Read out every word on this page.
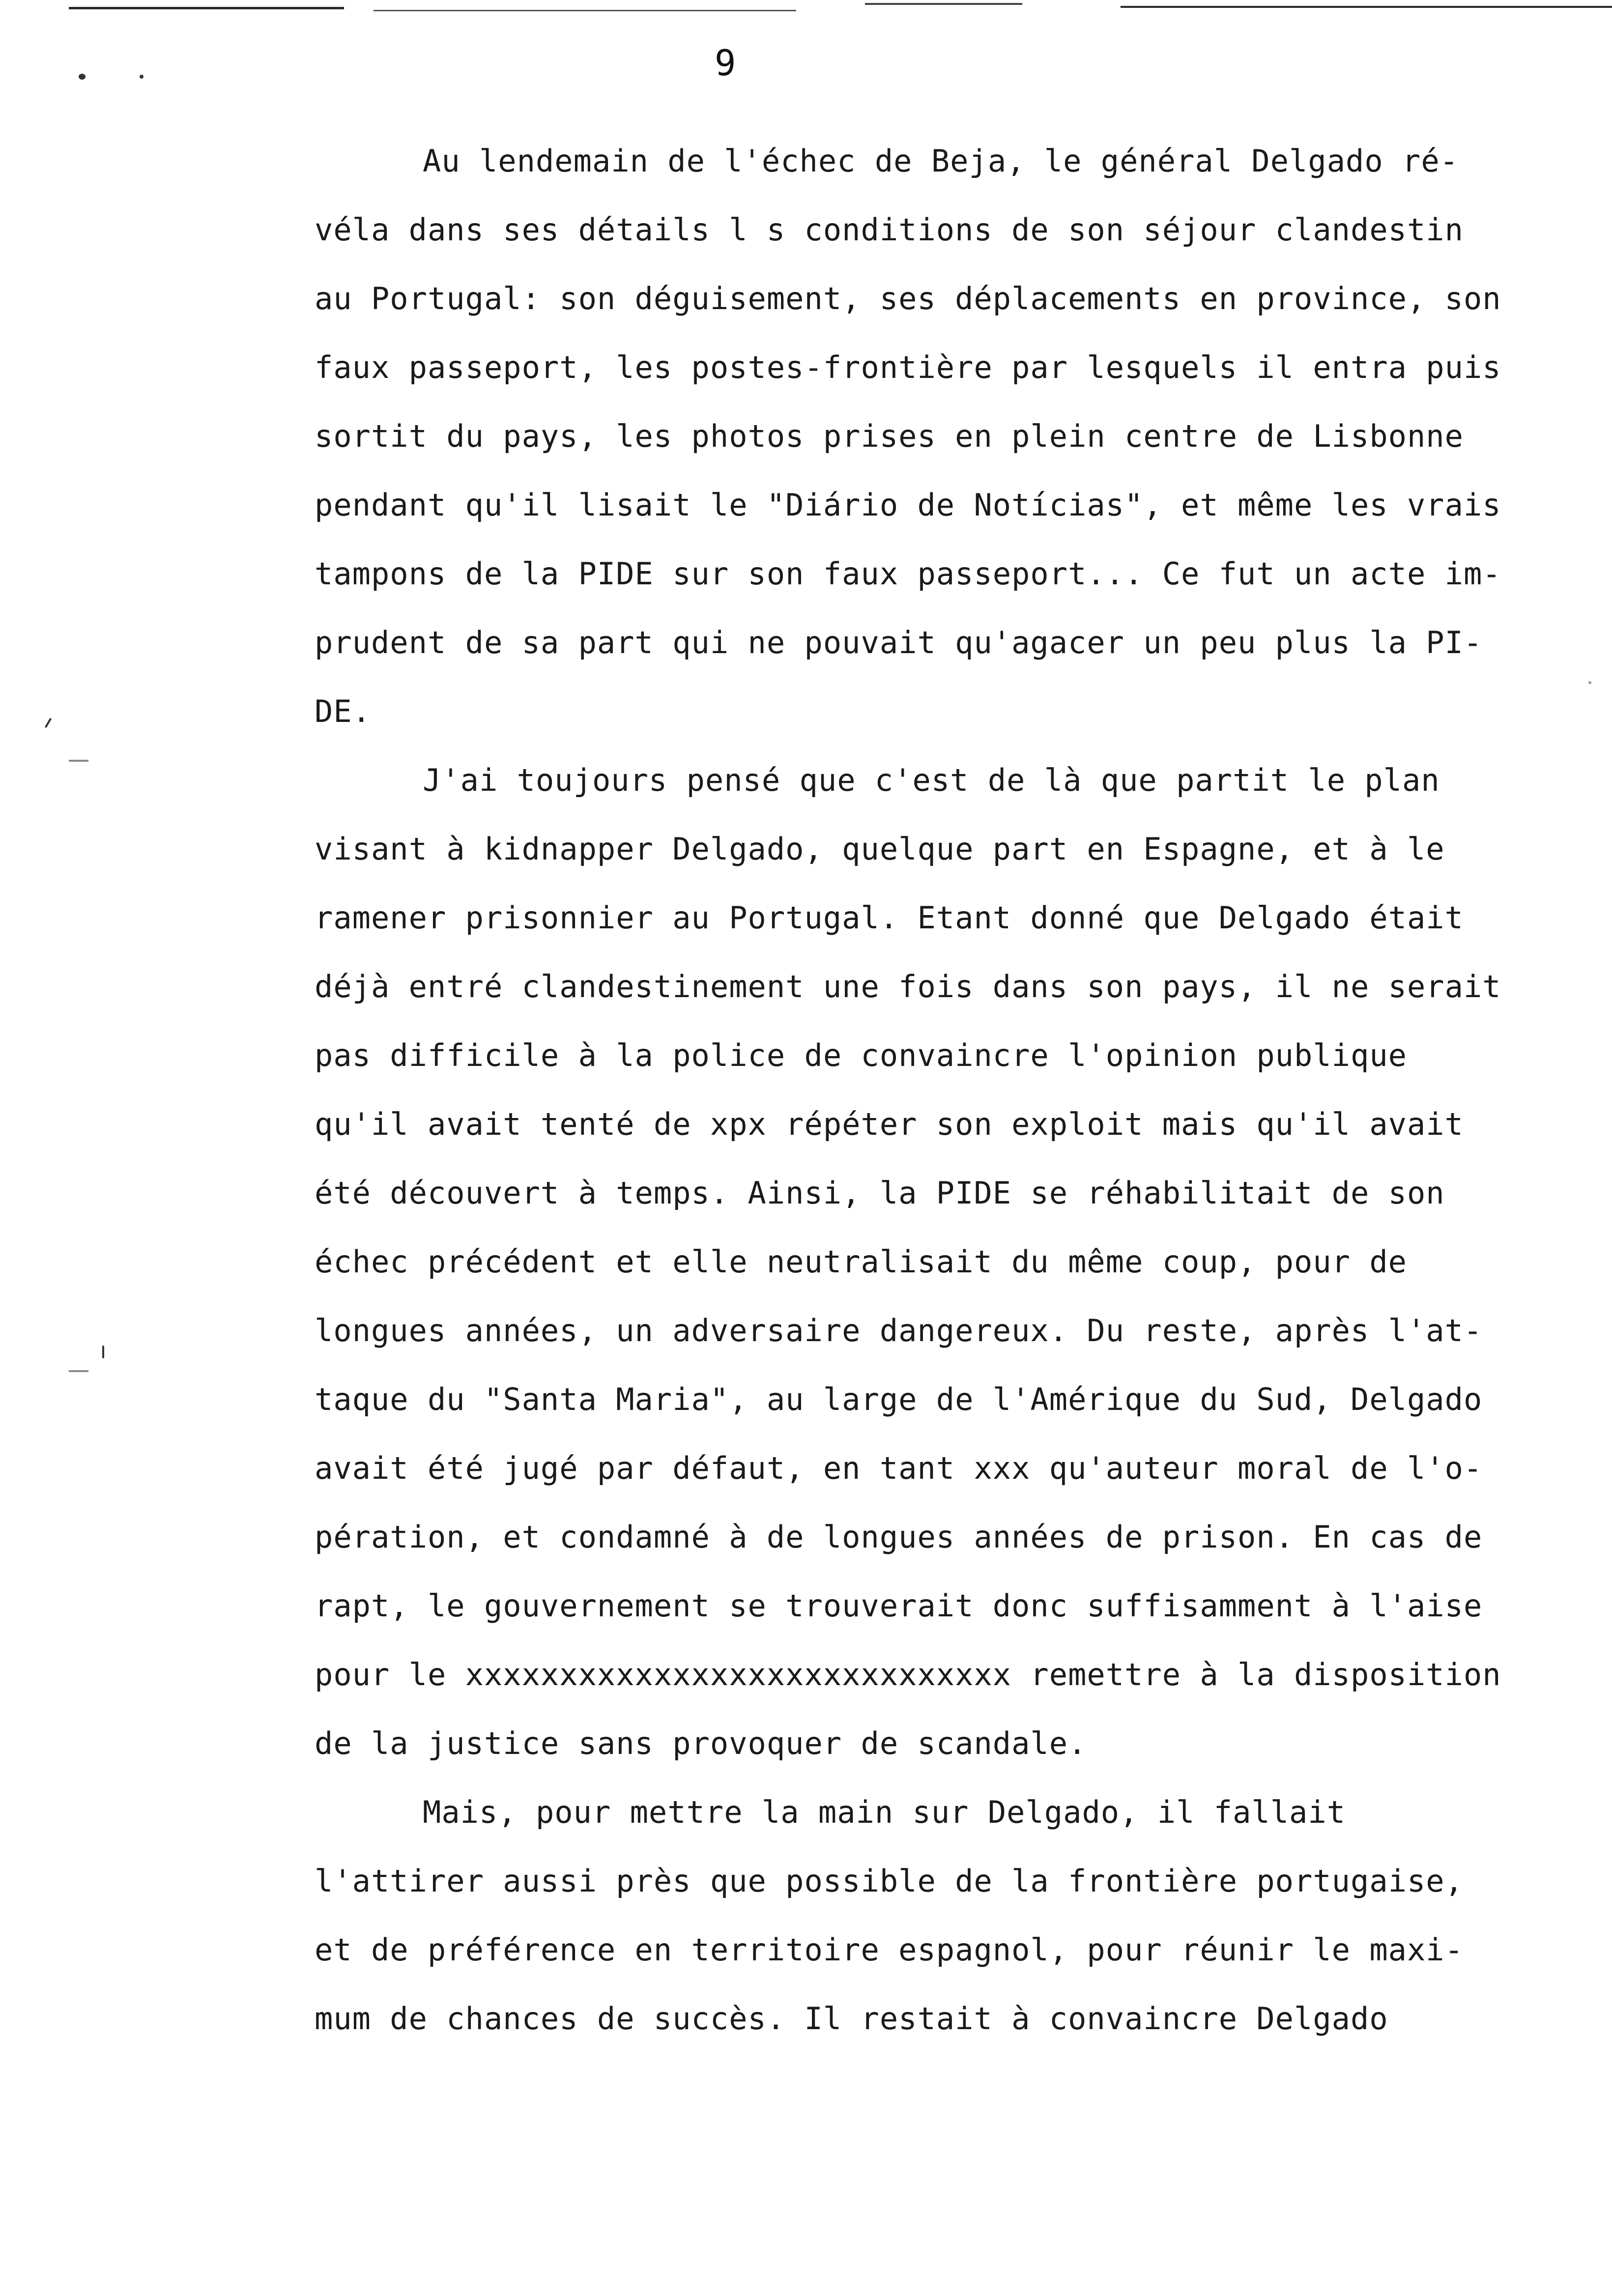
9
Au lendemain de l'échec de Beja, le général Delgado ré-
véla dans ses détails l s conditions de son séjour clandestin
au Portugal: son déguisement, ses déplacements en province, son
faux passeport, les postes-frontière par lesquels il entra puis
sortit du pays, les photos prises en plein centre de Lisbonne
pendant qu'il lisait le "Diário de Notícias", et même les vrais
tampons de la PIDE sur son faux passeport... Ce fut un acte im-
prudent de sa part qui ne pouvait qu'agacer un peu plus la PI-
DE.
J'ai toujours pensé que c'est de là que partit le plan
visant à kidnapper Delgado, quelque part en Espagne, et à le
ramener prisonnier au Portugal. Etant donné que Delgado était
déjà entré clandestinement une fois dans son pays, il ne serait
pas difficile à la police de convaincre l'opinion publique
qu'il avait tenté de xpx répéter son exploit mais qu'il avait
été découvert à temps. Ainsi, la PIDE se réhabilitait de son
échec précédent et elle neutralisait du même coup, pour de
longues années, un adversaire dangereux. Du reste, après l'at-
taque du "Santa Maria", au large de l'Amérique du Sud, Delgado
avait été jugé par défaut, en tant xxx qu'auteur moral de l'o-
pération, et condamné à de longues années de prison. En cas de
rapt, le gouvernement se trouverait donc suffisamment à l'aise
pour le xxxxxxxxxxxxxxxxxxxxxxxxxxxxx remettre à la disposition
de la justice sans provoquer de scandale.
Mais, pour mettre la main sur Delgado, il fallait
l'attirer aussi près que possible de la frontière portugaise,
et de préférence en territoire espagnol, pour réunir le maxi-
mum de chances de succès. Il restait à convaincre Delgado
